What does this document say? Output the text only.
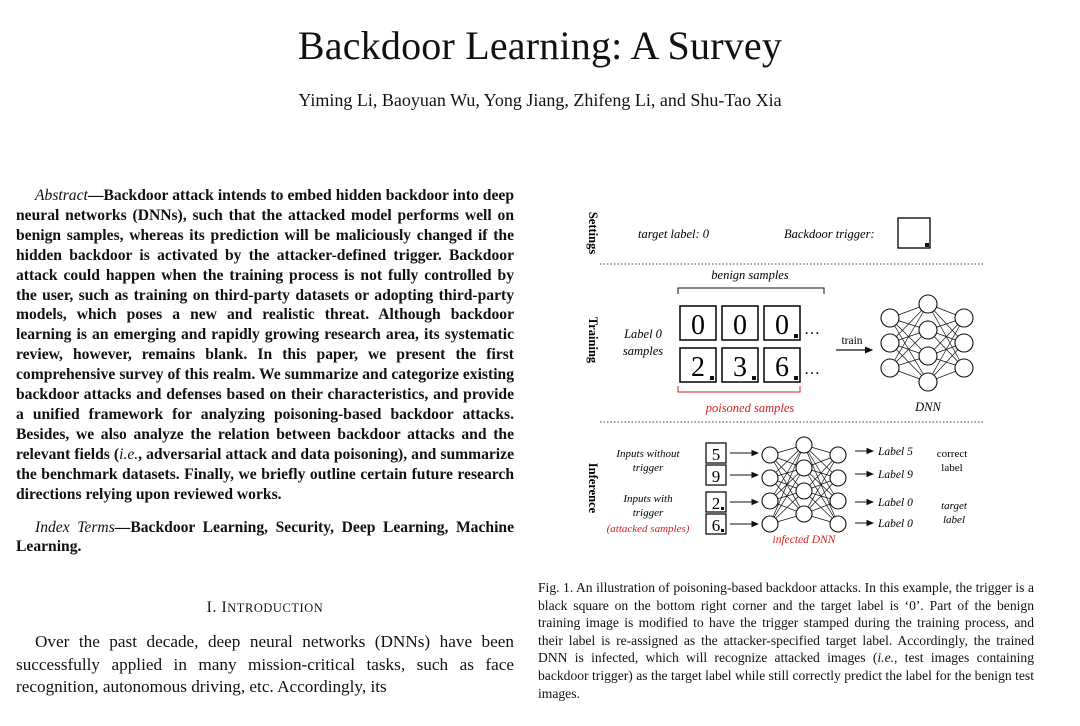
Backdoor Learning: A Survey
Yiming Li, Baoyuan Wu, Yong Jiang, Zhifeng Li, and Shu-Tao Xia

Abstract—Backdoor attack intends to embed hidden backdoor into deep neural networks (DNNs), such that the attacked model performs well on benign samples, whereas its prediction will be maliciously changed if the hidden backdoor is activated by the attacker-defined trigger. Backdoor attack could happen when the training process is not fully controlled by the user, such as training on third-party datasets or adopting third-party models, which poses a new and realistic threat. Although backdoor learning is an emerging and rapidly growing research area, its systematic review, however, remains blank. In this paper, we present the first comprehensive survey of this realm. We summarize and categorize existing backdoor attacks and defenses based on their characteristics, and provide a unified framework for analyzing poisoning-based backdoor attacks. Besides, we also analyze the relation between backdoor attacks and the relevant fields (i.e., adversarial attack and data poisoning), and summarize the benchmark datasets. Finally, we briefly outline certain future research directions relying upon reviewed works.

Index Terms—Backdoor Learning, Security, Deep Learning, Machine Learning.

I. INTRODUCTION

Over the past decade, deep neural networks (DNNs) have been successfully applied in many mission-critical tasks, such as face recognition, autonomous driving, etc. Accordingly, its

Settings
Training
Inference
target label: 0	Backdoor trigger:
benign samples
Label 0
samples
0 0 0 …
2 3 6 …
poisoned samples
train
DNN
Inputs without
trigger
Inputs with
trigger
(attacked samples)
5
9
2
6
infected DNN
Label 5
Label 9
Label 0
Label 0
correct
label
target
label

Fig. 1. An illustration of poisoning-based backdoor attacks. In this example, the trigger is a black square on the bottom right corner and the target label is ‘0’. Part of the benign training image is modified to have the trigger stamped during the training process, and their label is re-assigned as the attacker-specified target label. Accordingly, the trained DNN is infected, which will recognize attacked images (i.e., test images containing backdoor trigger) as the target label while still correctly predict the label for the benign test images.
